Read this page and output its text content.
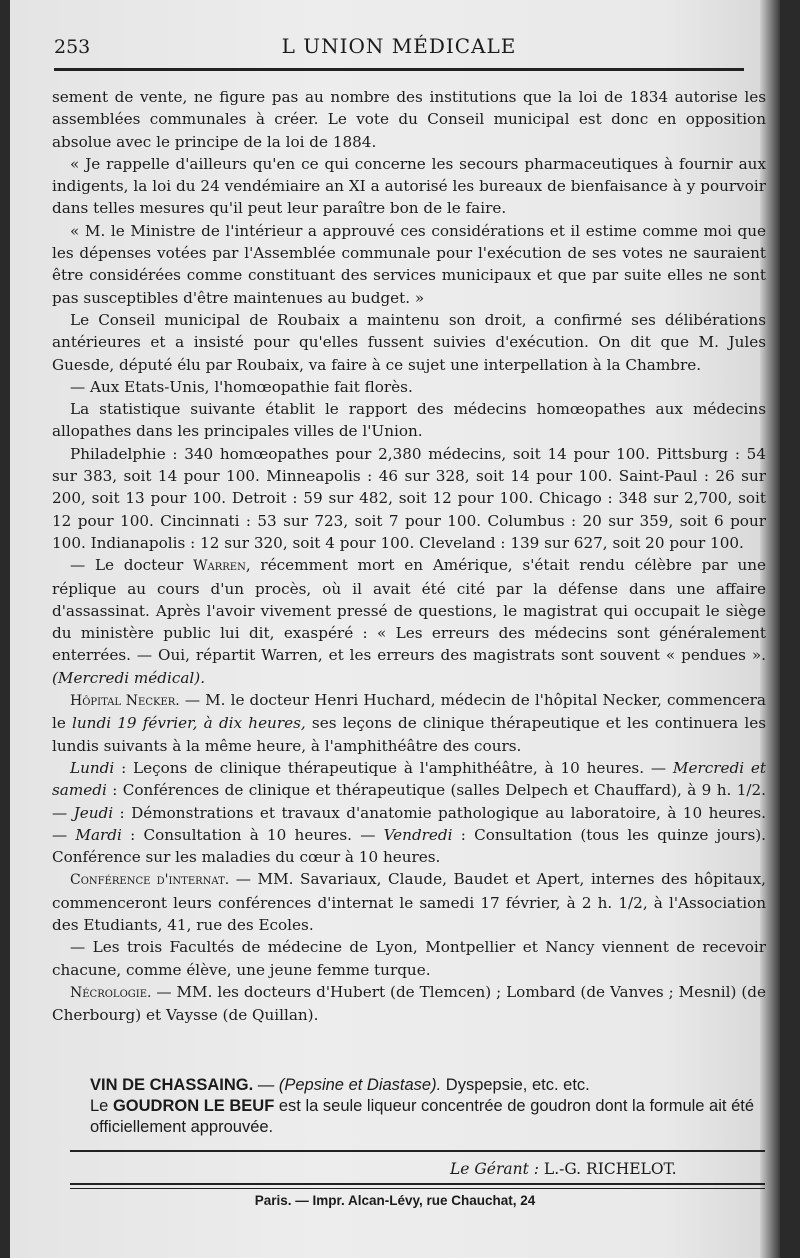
253	L UNION MÉDICALE

sement de vente, ne figure pas au nombre des institutions que la loi de 1834 autorise les assemblées communales à créer. Le vote du Conseil municipal est donc en opposition absolue avec le principe de la loi de 1884.

« Je rappelle d'ailleurs qu'en ce qui concerne les secours pharmaceutiques à fournir aux indigents, la loi du 24 vendémiaire an XI a autorisé les bureaux de bienfaisance à y pourvoir dans telles mesures qu'il peut leur paraître bon de le faire.

« M. le Ministre de l'intérieur a approuvé ces considérations et il estime comme moi que les dépenses votées par l'Assemblée communale pour l'exécution de ses votes ne sauraient être considérées comme constituant des services municipaux et que par suite elles ne sont pas susceptibles d'être maintenues au budget. »

Le Conseil municipal de Roubaix a maintenu son droit, a confirmé ses délibérations antérieures et a insisté pour qu'elles fussent suivies d'exécution. On dit que M. Jules Guesde, député élu par Roubaix, va faire à ce sujet une interpellation à la Chambre.

— Aux Etats-Unis, l'homœopathie fait florès.

La statistique suivante établit le rapport des médecins homœopathes aux médecins allopathes dans les principales villes de l'Union.

Philadelphie : 340 homœopathes pour 2,380 médecins, soit 14 pour 100. Pittsburg : 54 sur 383, soit 14 pour 100. Minneapolis : 46 sur 328, soit 14 pour 100. Saint-Paul : 26 sur 200, soit 13 pour 100. Detroit : 59 sur 482, soit 12 pour 100. Chicago : 348 sur 2,700, soit 12 pour 100. Cincinnati : 53 sur 723, soit 7 pour 100. Columbus : 20 sur 359, soit 6 pour 100. Indianapolis : 12 sur 320, soit 4 pour 100. Cleveland : 139 sur 627, soit 20 pour 100.

— Le docteur Warren, récemment mort en Amérique, s'était rendu célèbre par une réplique au cours d'un procès, où il avait été cité par la défense dans une affaire d'assassinat. Après l'avoir vivement pressé de questions, le magistrat qui occupait le siège du ministère public lui dit, exaspéré : « Les erreurs des médecins sont généralement enterrées. — Oui, répartit Warren, et les erreurs des magistrats sont souvent « pendues ». (Mercredi médical).

Hôpital Necker. — M. le docteur Henri Huchard, médecin de l'hôpital Necker, commencera le lundi 19 février, à dix heures, ses leçons de clinique thérapeutique et les continuera les lundis suivants à la même heure, à l'amphithéâtre des cours.

Lundi : Leçons de clinique thérapeutique à l'amphithéâtre, à 10 heures. — Mercredi et samedi : Conférences de clinique et thérapeutique (salles Delpech et Chauffard), à 9 h. 1/2. — Jeudi : Démonstrations et travaux d'anatomie pathologique au laboratoire, à 10 heures. — Mardi : Consultation à 10 heures. — Vendredi : Consultation (tous les quinze jours). Conférence sur les maladies du cœur à 10 heures.

Conférence d'internat. — MM. Savariaux, Claude, Baudet et Apert, internes des hôpitaux, commenceront leurs conférences d'internat le samedi 17 février, à 2 h. 1/2, à l'Association des Etudiants, 41, rue des Ecoles.

— Les trois Facultés de médecine de Lyon, Montpellier et Nancy viennent de recevoir chacune, comme élève, une jeune femme turque.

Nécrologie. — MM. les docteurs d'Hubert (de Tlemcen) ; Lombard (de Vanves ; Mesnil) (de Cherbourg) et Vaysse (de Quillan).

VIN DE CHASSAING. — (Pepsine et Diastase). Dyspepsie, etc. etc.
Le GOUDRON LE BEUF est la seule liqueur concentrée de goudron dont la formule ait été officiellement approuvée.
Le Gérant : L.-G. RICHELOT.
Paris. — Impr. Alcan-Lévy, rue Chauchat, 24
